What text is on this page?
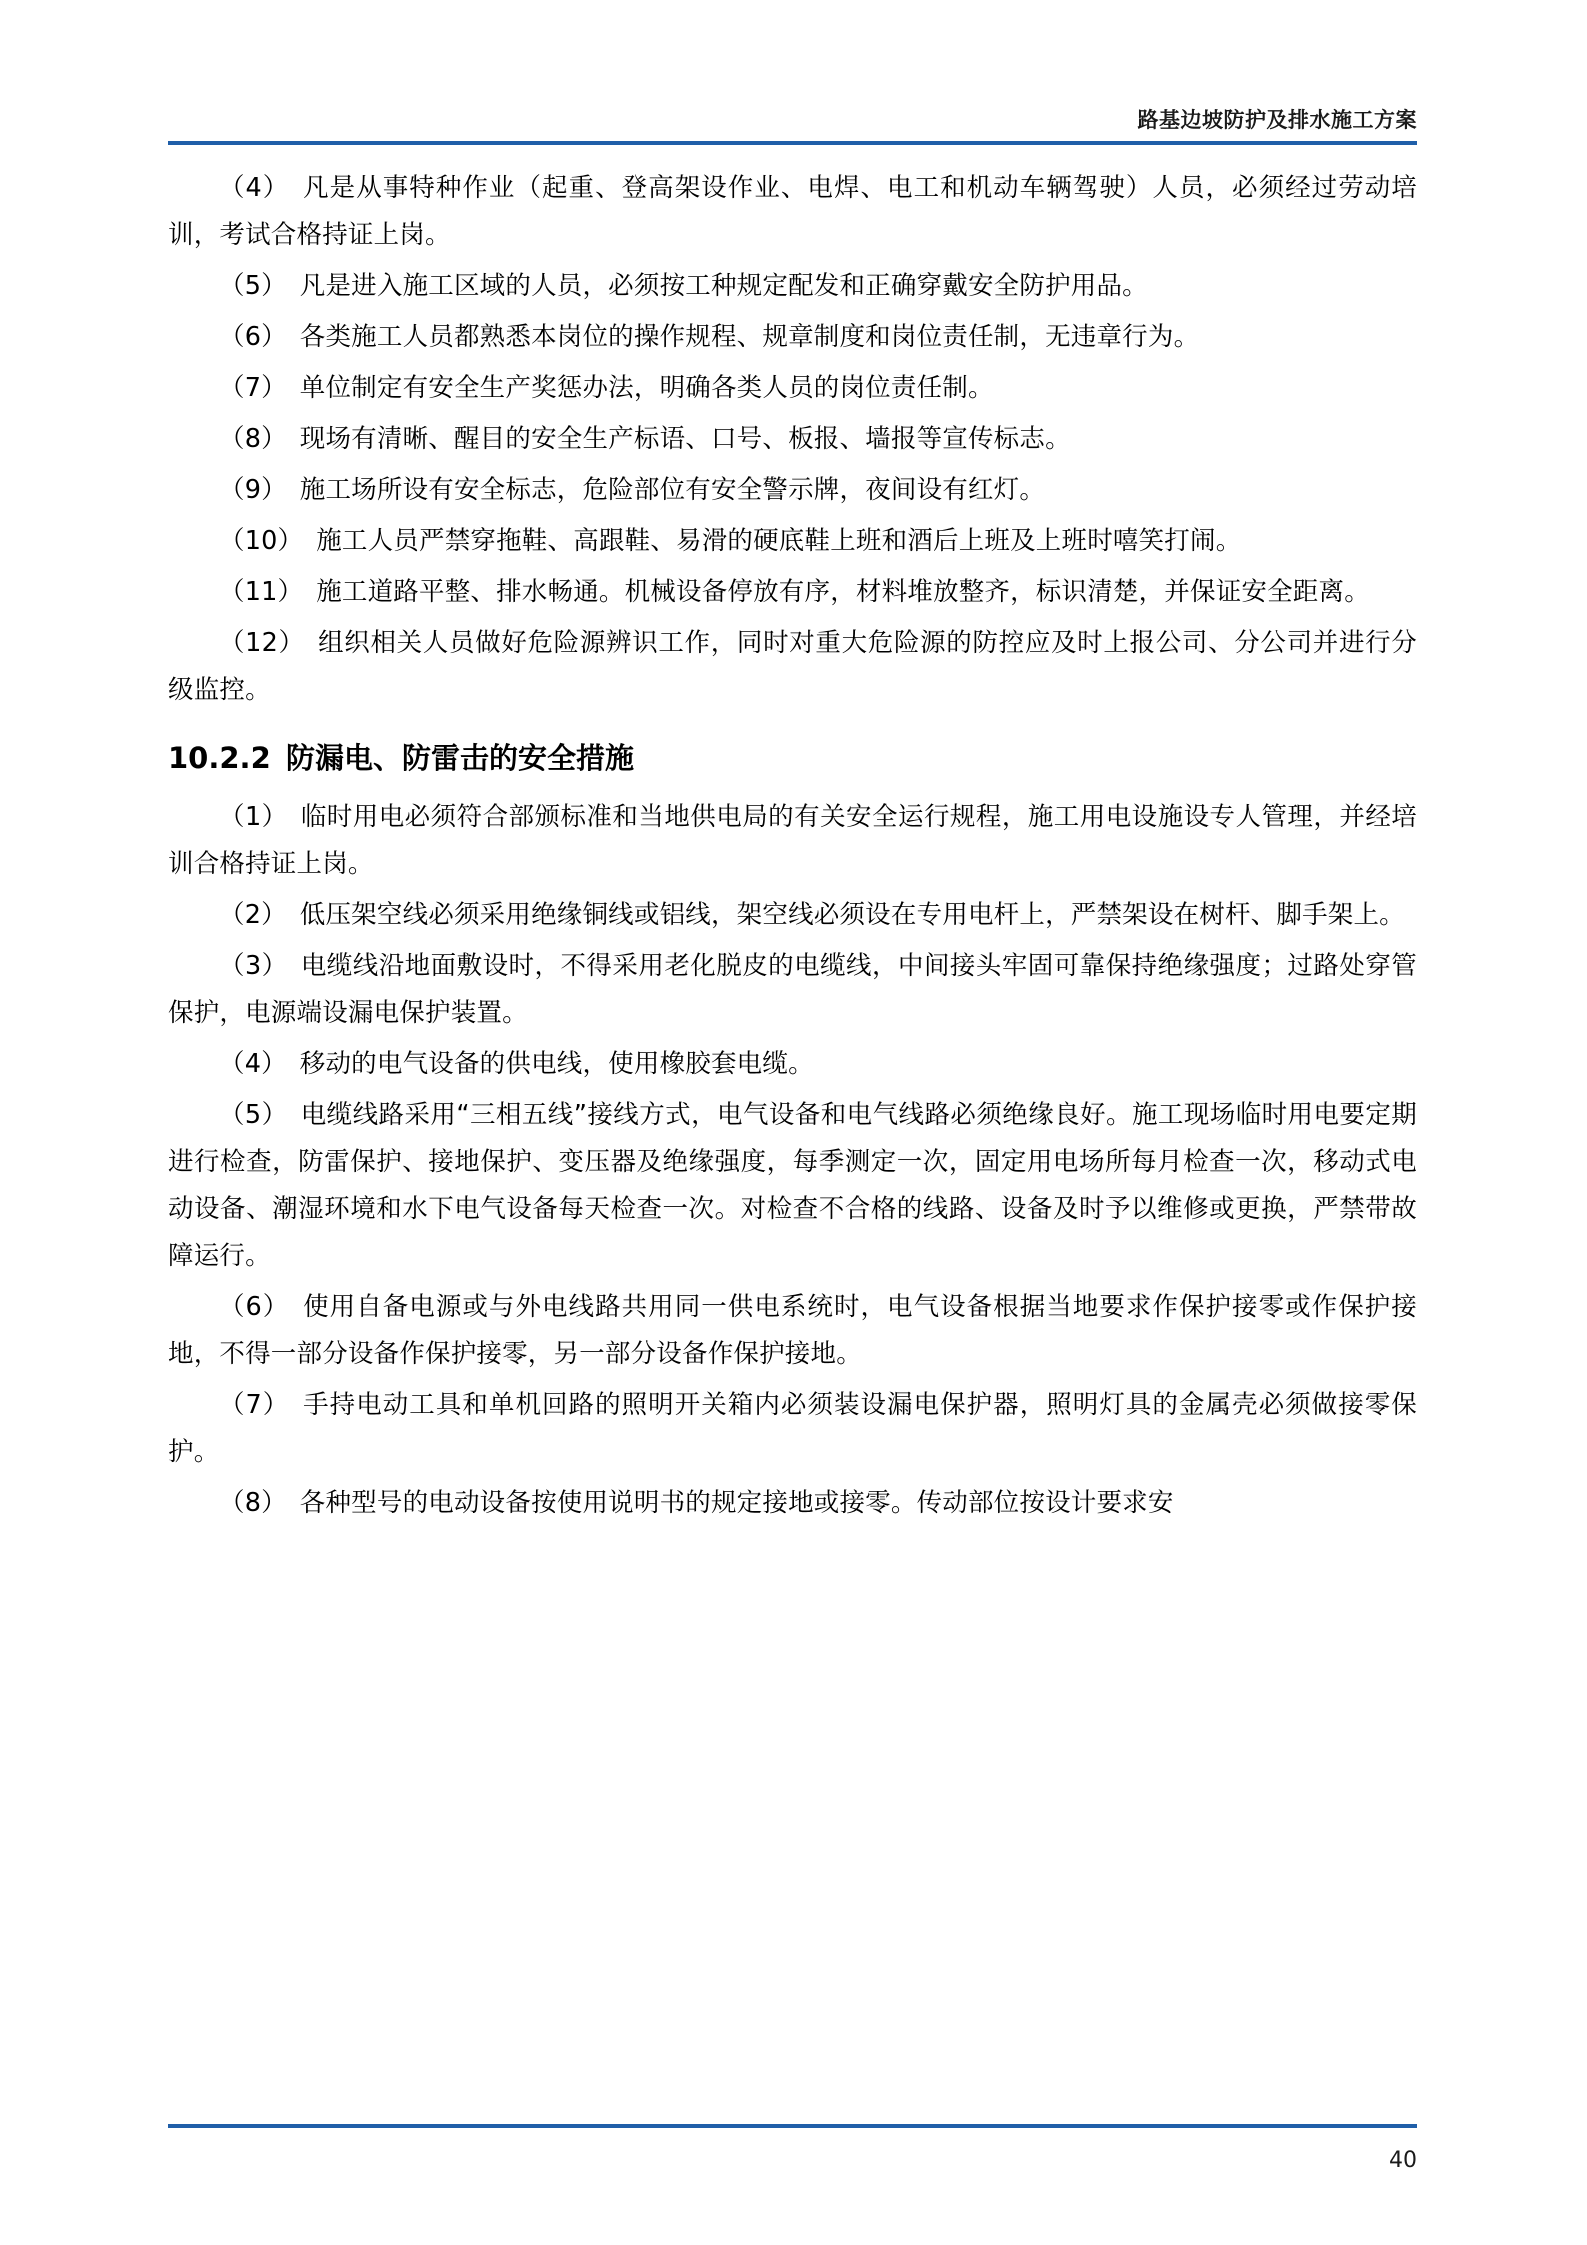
路基边坡防护及排水施工方案

（4）　凡是从事特种作业（起重、登高架设作业、电焊、电工和机动车辆驾驶）人员，必须经过劳动培训，考试合格持证上岗。

（5）　凡是进入施工区域的人员，必须按工种规定配发和正确穿戴安全防护用品。

（6）　各类施工人员都熟悉本岗位的操作规程、规章制度和岗位责任制，无违章行为。

（7）　单位制定有安全生产奖惩办法，明确各类人员的岗位责任制。

（8）　现场有清晰、醒目的安全生产标语、口号、板报、墙报等宣传标志。

（9）　施工场所设有安全标志，危险部位有安全警示牌，夜间设有红灯。

（10）　施工人员严禁穿拖鞋、高跟鞋、易滑的硬底鞋上班和酒后上班及上班时嘻笑打闹。

（11）　施工道路平整、排水畅通。机械设备停放有序，材料堆放整齐，标识清楚，并保证安全距离。

（12）　组织相关人员做好危险源辨识工作，同时对重大危险源的防控应及时上报公司、分公司并进行分级监控。

10.2.2 防漏电、防雷击的安全措施

（1）　临时用电必须符合部颁标准和当地供电局的有关安全运行规程，施工用电设施设专人管理，并经培训合格持证上岗。

（2）　低压架空线必须采用绝缘铜线或铝线，架空线必须设在专用电杆上，严禁架设在树杆、脚手架上。

（3）　电缆线沿地面敷设时，不得采用老化脱皮的电缆线，中间接头牢固可靠保持绝缘强度；过路处穿管保护，电源端设漏电保护装置。

（4）　移动的电气设备的供电线，使用橡胶套电缆。

（5）　电缆线路采用“三相五线”接线方式，电气设备和电气线路必须绝缘良好。施工现场临时用电要定期进行检查，防雷保护、接地保护、变压器及绝缘强度，每季测定一次，固定用电场所每月检查一次，移动式电动设备、潮湿环境和水下电气设备每天检查一次。对检查不合格的线路、设备及时予以维修或更换，严禁带故障运行。

（6）　使用自备电源或与外电线路共用同一供电系统时，电气设备根据当地要求作保护接零或作保护接地，不得一部分设备作保护接零，另一部分设备作保护接地。

（7）　手持电动工具和单机回路的照明开关箱内必须装设漏电保护器，照明灯具的金属壳必须做接零保护。

（8）　各种型号的电动设备按使用说明书的规定接地或接零。传动部位按设计要求安

40
